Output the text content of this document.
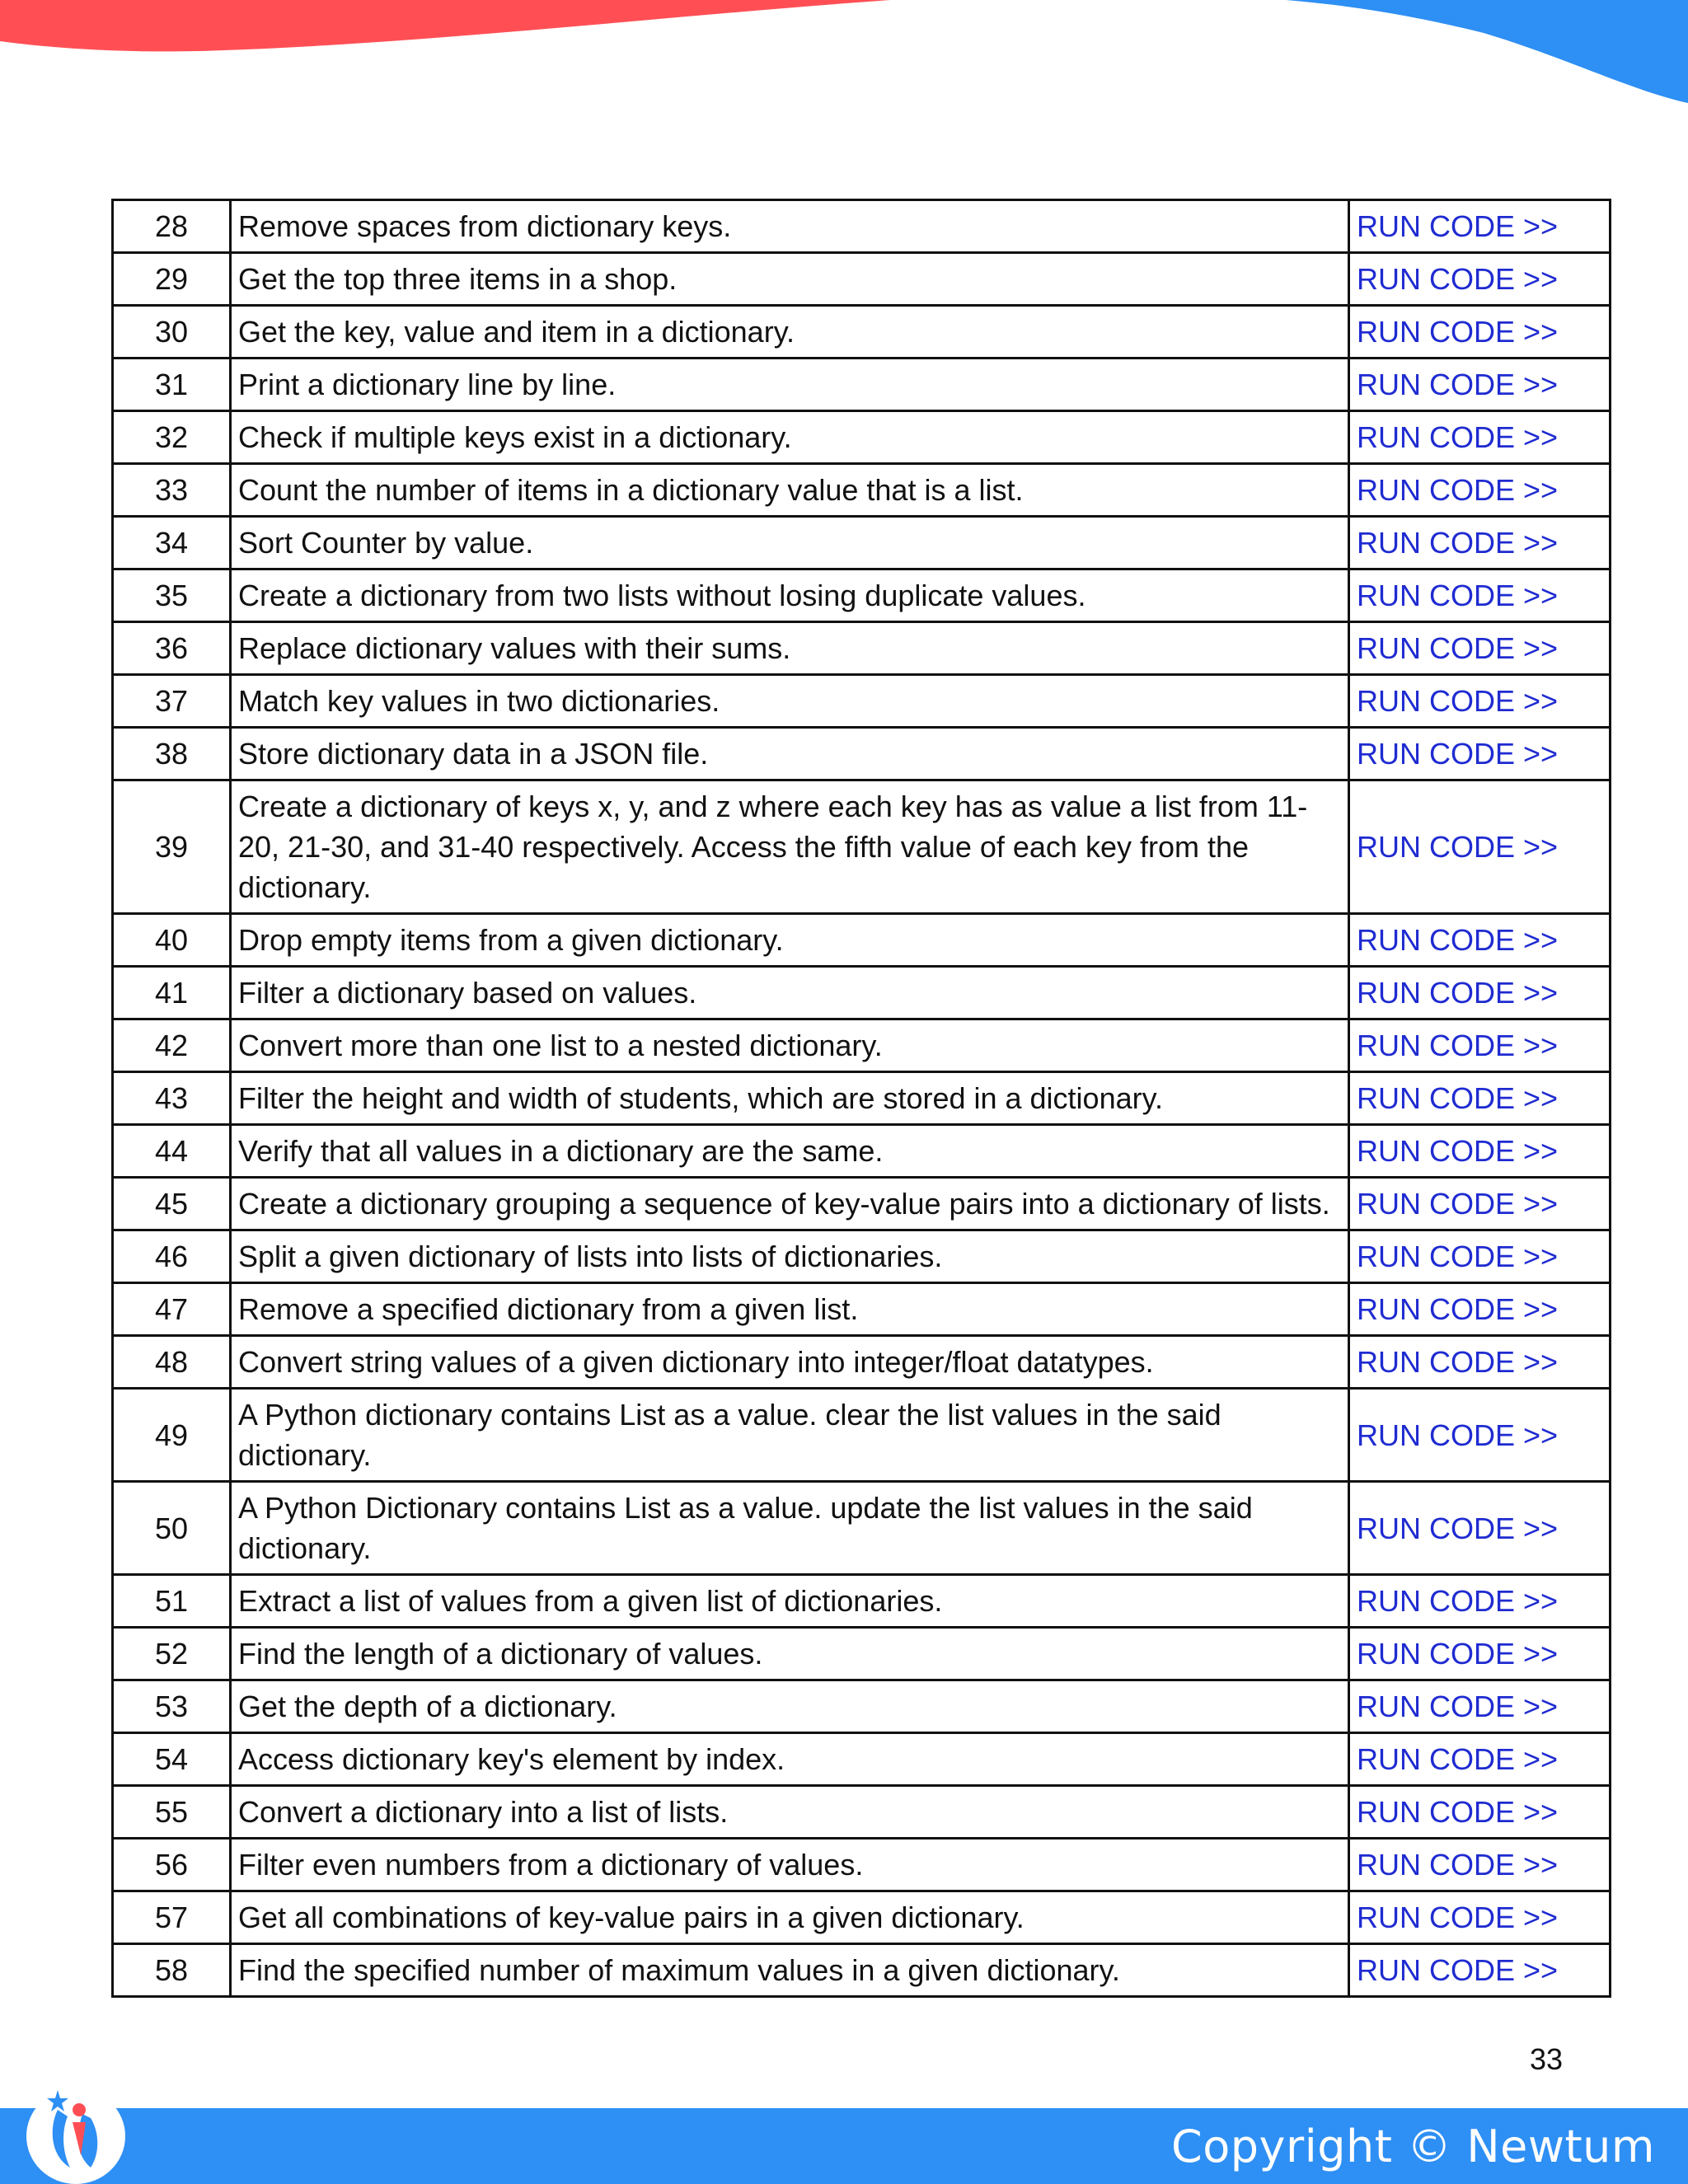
28	Remove spaces from dictionary keys.	RUN CODE >>
29	Get the top three items in a shop.	RUN CODE >>
30	Get the key, value and item in a dictionary.	RUN CODE >>
31	Print a dictionary line by line.	RUN CODE >>
32	Check if multiple keys exist in a dictionary.	RUN CODE >>
33	Count the number of items in a dictionary value that is a list.	RUN CODE >>
34	Sort Counter by value.	RUN CODE >>
35	Create a dictionary from two lists without losing duplicate values.	RUN CODE >>
36	Replace dictionary values with their sums.	RUN CODE >>
37	Match key values in two dictionaries.	RUN CODE >>
38	Store dictionary data in a JSON file.	RUN CODE >>
39	Create a dictionary of keys x, y, and z where each key has as value a list from 11-20, 21-30, and 31-40 respectively. Access the fifth value of each key from the dictionary.	RUN CODE >>
40	Drop empty items from a given dictionary.	RUN CODE >>
41	Filter a dictionary based on values.	RUN CODE >>
42	Convert more than one list to a nested dictionary.	RUN CODE >>
43	Filter the height and width of students, which are stored in a dictionary.	RUN CODE >>
44	Verify that all values in a dictionary are the same.	RUN CODE >>
45	Create a dictionary grouping a sequence of key-value pairs into a dictionary of lists.	RUN CODE >>
46	Split a given dictionary of lists into lists of dictionaries.	RUN CODE >>
47	Remove a specified dictionary from a given list.	RUN CODE >>
48	Convert string values of a given dictionary into integer/float datatypes.	RUN CODE >>
49	A Python dictionary contains List as a value. clear the list values in the said dictionary.	RUN CODE >>
50	A Python Dictionary contains List as a value. update the list values in the said dictionary.	RUN CODE >>
51	Extract a list of values from a given list of dictionaries.	RUN CODE >>
52	Find the length of a dictionary of values.	RUN CODE >>
53	Get the depth of a dictionary.	RUN CODE >>
54	Access dictionary key's element by index.	RUN CODE >>
55	Convert a dictionary into a list of lists.	RUN CODE >>
56	Filter even numbers from a dictionary of values.	RUN CODE >>
57	Get all combinations of key-value pairs in a given dictionary.	RUN CODE >>
58	Find the specified number of maximum values in a given dictionary.	RUN CODE >>
33
Copyright © Newtum
